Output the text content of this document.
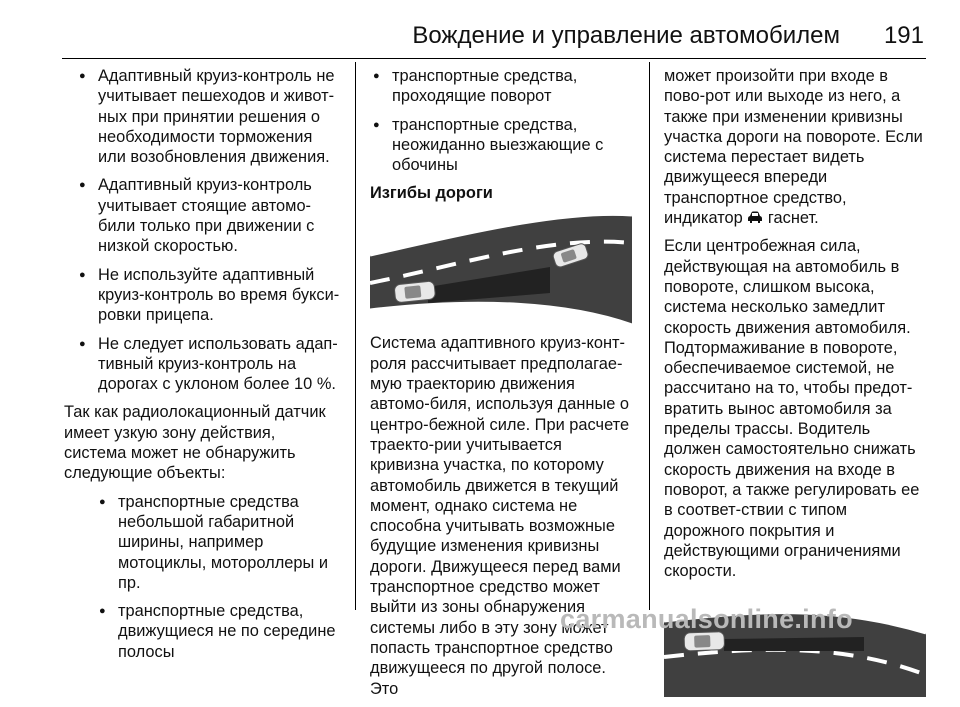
Вождение и управление автомобилем 191
● Адаптивный круиз-контроль не учитывает пешеходов и живот-ных при принятии решения о необходимости торможения или возобновления движения.
● Адаптивный круиз-контроль учитывает стоящие автомо-били только при движении с низкой скоростью.
● Не используйте адаптивный круиз-контроль во время букси-ровки прицепа.
● Не следует использовать адап-тивный круиз-контроль на дорогах с уклоном более 10 %.

Так как радиолокационный датчик имеет узкую зону действия, система может не обнаружить следующие объекты:

● транспортные средства небольшой габаритной ширины, например мотоциклы, мотороллеры и пр.
● транспортные средства, движущиеся не по середине полосы
● транспортные средства, проходящие поворот
● транспортные средства, неожиданно выезжающие с обочины
Изгибы дороги

Система адаптивного круиз-конт-роля рассчитывает предполагае-мую траекторию движения автомо-биля, используя данные о центро-бежной силе. При расчете траекто-рии учитывается кривизна участка, по которому автомобиль движется в текущий момент, однако система не способна учитывать возможные будущие изменения кривизны дороги. Движущееся перед вами транспортное средство может выйти из зоны обнаружения системы либо в эту зону может попасть транспортное средство движущееся по другой полосе. Это

может произойти при входе в пово-рот или выходе из него, а также при изменении кривизны участка дороги на повороте. Если система перестает видеть движущееся впереди транспортное средство, индикатор гаснет.

Если центробежная сила, действующая на автомобиль в повороте, слишком высока, система несколько замедлит скорость движения автомобиля. Подтормаживание в повороте, обеспечиваемое системой, не рассчитано на то, чтобы предот-вратить вынос автомобиля за пределы трассы. Водитель должен самостоятельно снижать скорость движения на входе в поворот, а также регулировать ее в соответ-ствии с типом дорожного покрытия и действующими ограничениями скорости.

carmanualsonline.info
